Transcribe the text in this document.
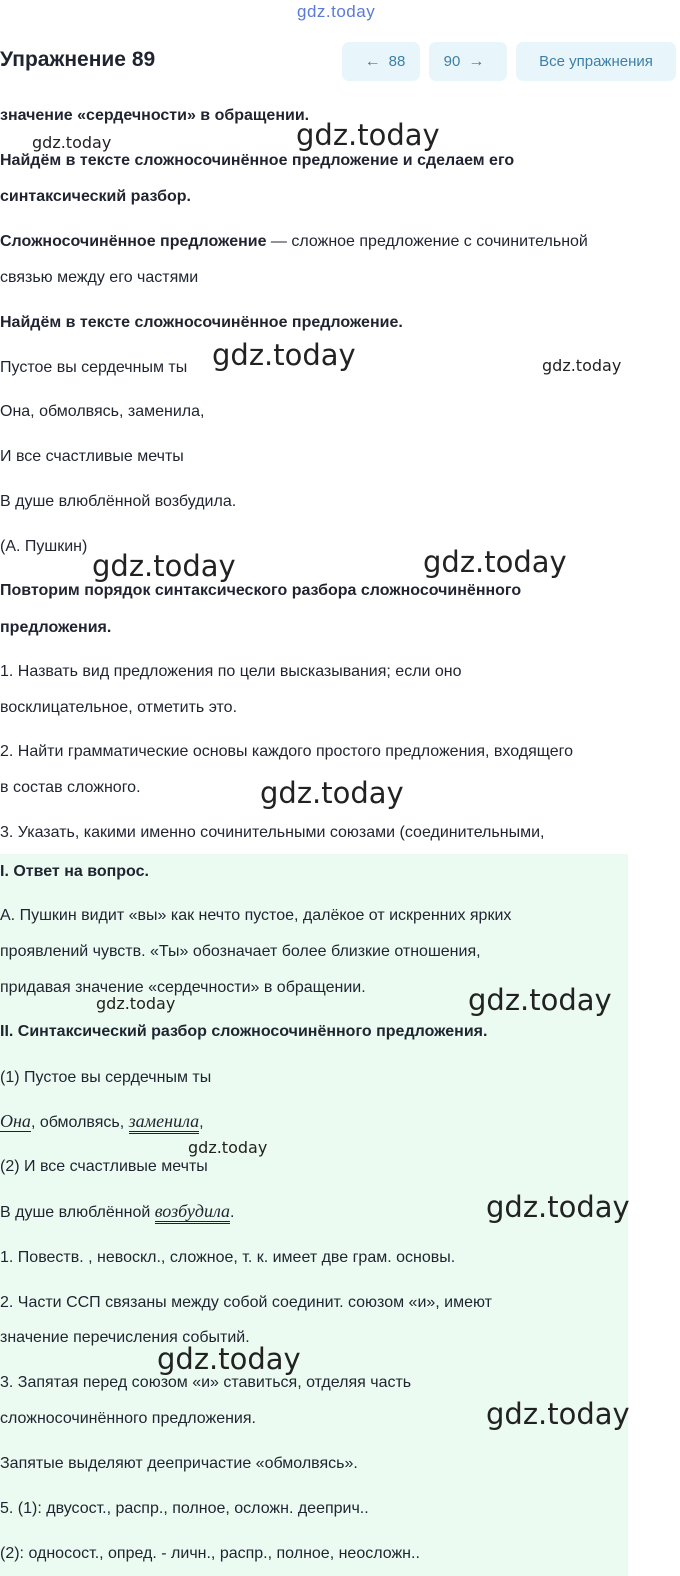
gdz.today
Упражнение 89	← 88	90 →	Все упражнения
значение «сердечности» в обращении.
Найдём в тексте сложносочинённое предложение и сделаем его
синтаксический разбор.
Сложносочинённое предложение — сложное предложение с сочинительной
связью между его частями
Найдём в тексте сложносочинённое предложение.
Пустое вы сердечным ты
Она, обмолвясь, заменила,
И все счастливые мечты
В душе влюблённой возбудила.
(А. Пушкин)
Повторим порядок синтаксического разбора сложносочинённого
предложения.
1. Назвать вид предложения по цели высказывания; если оно
восклицательное, отметить это.
2. Найти грамматические основы каждого простого предложения, входящего
в состав сложного.
3. Указать, какими именно сочинительными союзами (соединительными,
I. Ответ на вопрос.
А. Пушкин видит «вы» как нечто пустое, далёкое от искренних ярких
проявлений чувств. «Ты» обозначает более близкие отношения,
придавая значение «сердечности» в обращении.
II. Синтаксический разбор сложносочинённого предложения.
(1) Пустое вы сердечным ты
Она, обмолвясь, заменила,
(2) И все счастливые мечты
В душе влюблённой возбудила.
1. Повеств. , невоскл., сложное, т. к. имеет две грам. основы.
2. Части ССП связаны между собой соединит. союзом «и», имеют
значение перечисления событий.
3. Запятая перед союзом «и» ставиться, отделяя часть
сложносочинённого предложения.
Запятые выделяют деепричастие «обмолвясь».
5. (1): двусост., распр., полное, осложн. дееприч..
(2): односост., опред. - личн., распр., полное, неосложн..
gdz.today	gdz.today
gdz.today	gdz.today
gdz.today	gdz.today
gdz.today
gdz.today	gdz.today
gdz.today
gdz.today
gdz.today
gdz.today
